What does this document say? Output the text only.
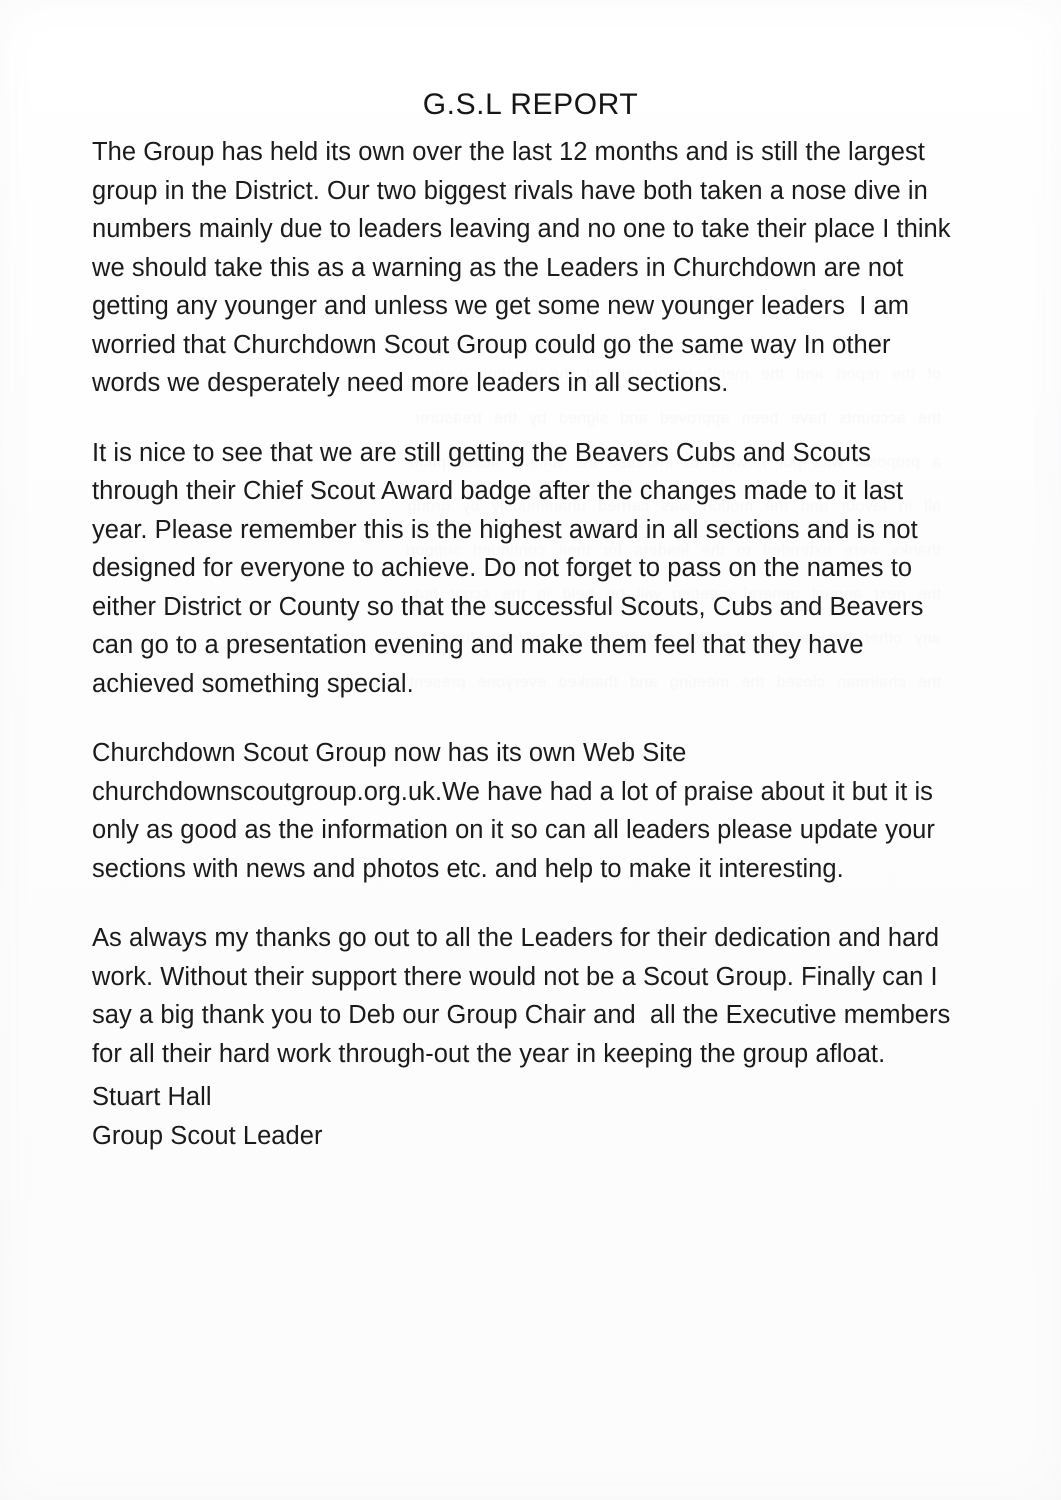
G.S.L REPORT

The Group has held its own over the last 12 months and is still the largest group in the District. Our two biggest rivals have both taken a nose dive in numbers mainly due to leaders leaving and no one to take their place I think we should take this as a warning as the Leaders in Churchdown are not getting any younger and unless we get some new younger leaders  I am worried that Churchdown Scout Group could go the same way In other words we desperately need more leaders in all sections.

It is nice to see that we are still getting the Beavers Cubs and Scouts through their Chief Scout Award badge after the changes made to it last year. Please remember this is the highest award in all sections and is not designed for everyone to achieve. Do not forget to pass on the names to either District or County so that the successful Scouts, Cubs and Beavers can go to a presentation evening and make them feel that they have achieved something special.

Churchdown Scout Group now has its own Web Site churchdownscoutgroup.org.uk.We have had a lot of praise about it but it is only as good as the information on it so can all leaders please update your sections with news and photos etc. and help to make it interesting.

As always my thanks go out to all the Leaders for their dedication and hard work. Without their support there would not be a Scout Group. Finally can I say a big thank you to Deb our Group Chair and  all the Executive members  for all their hard work through-out the year in keeping the group afloat.

Stuart Hall
Group Scout Leader
